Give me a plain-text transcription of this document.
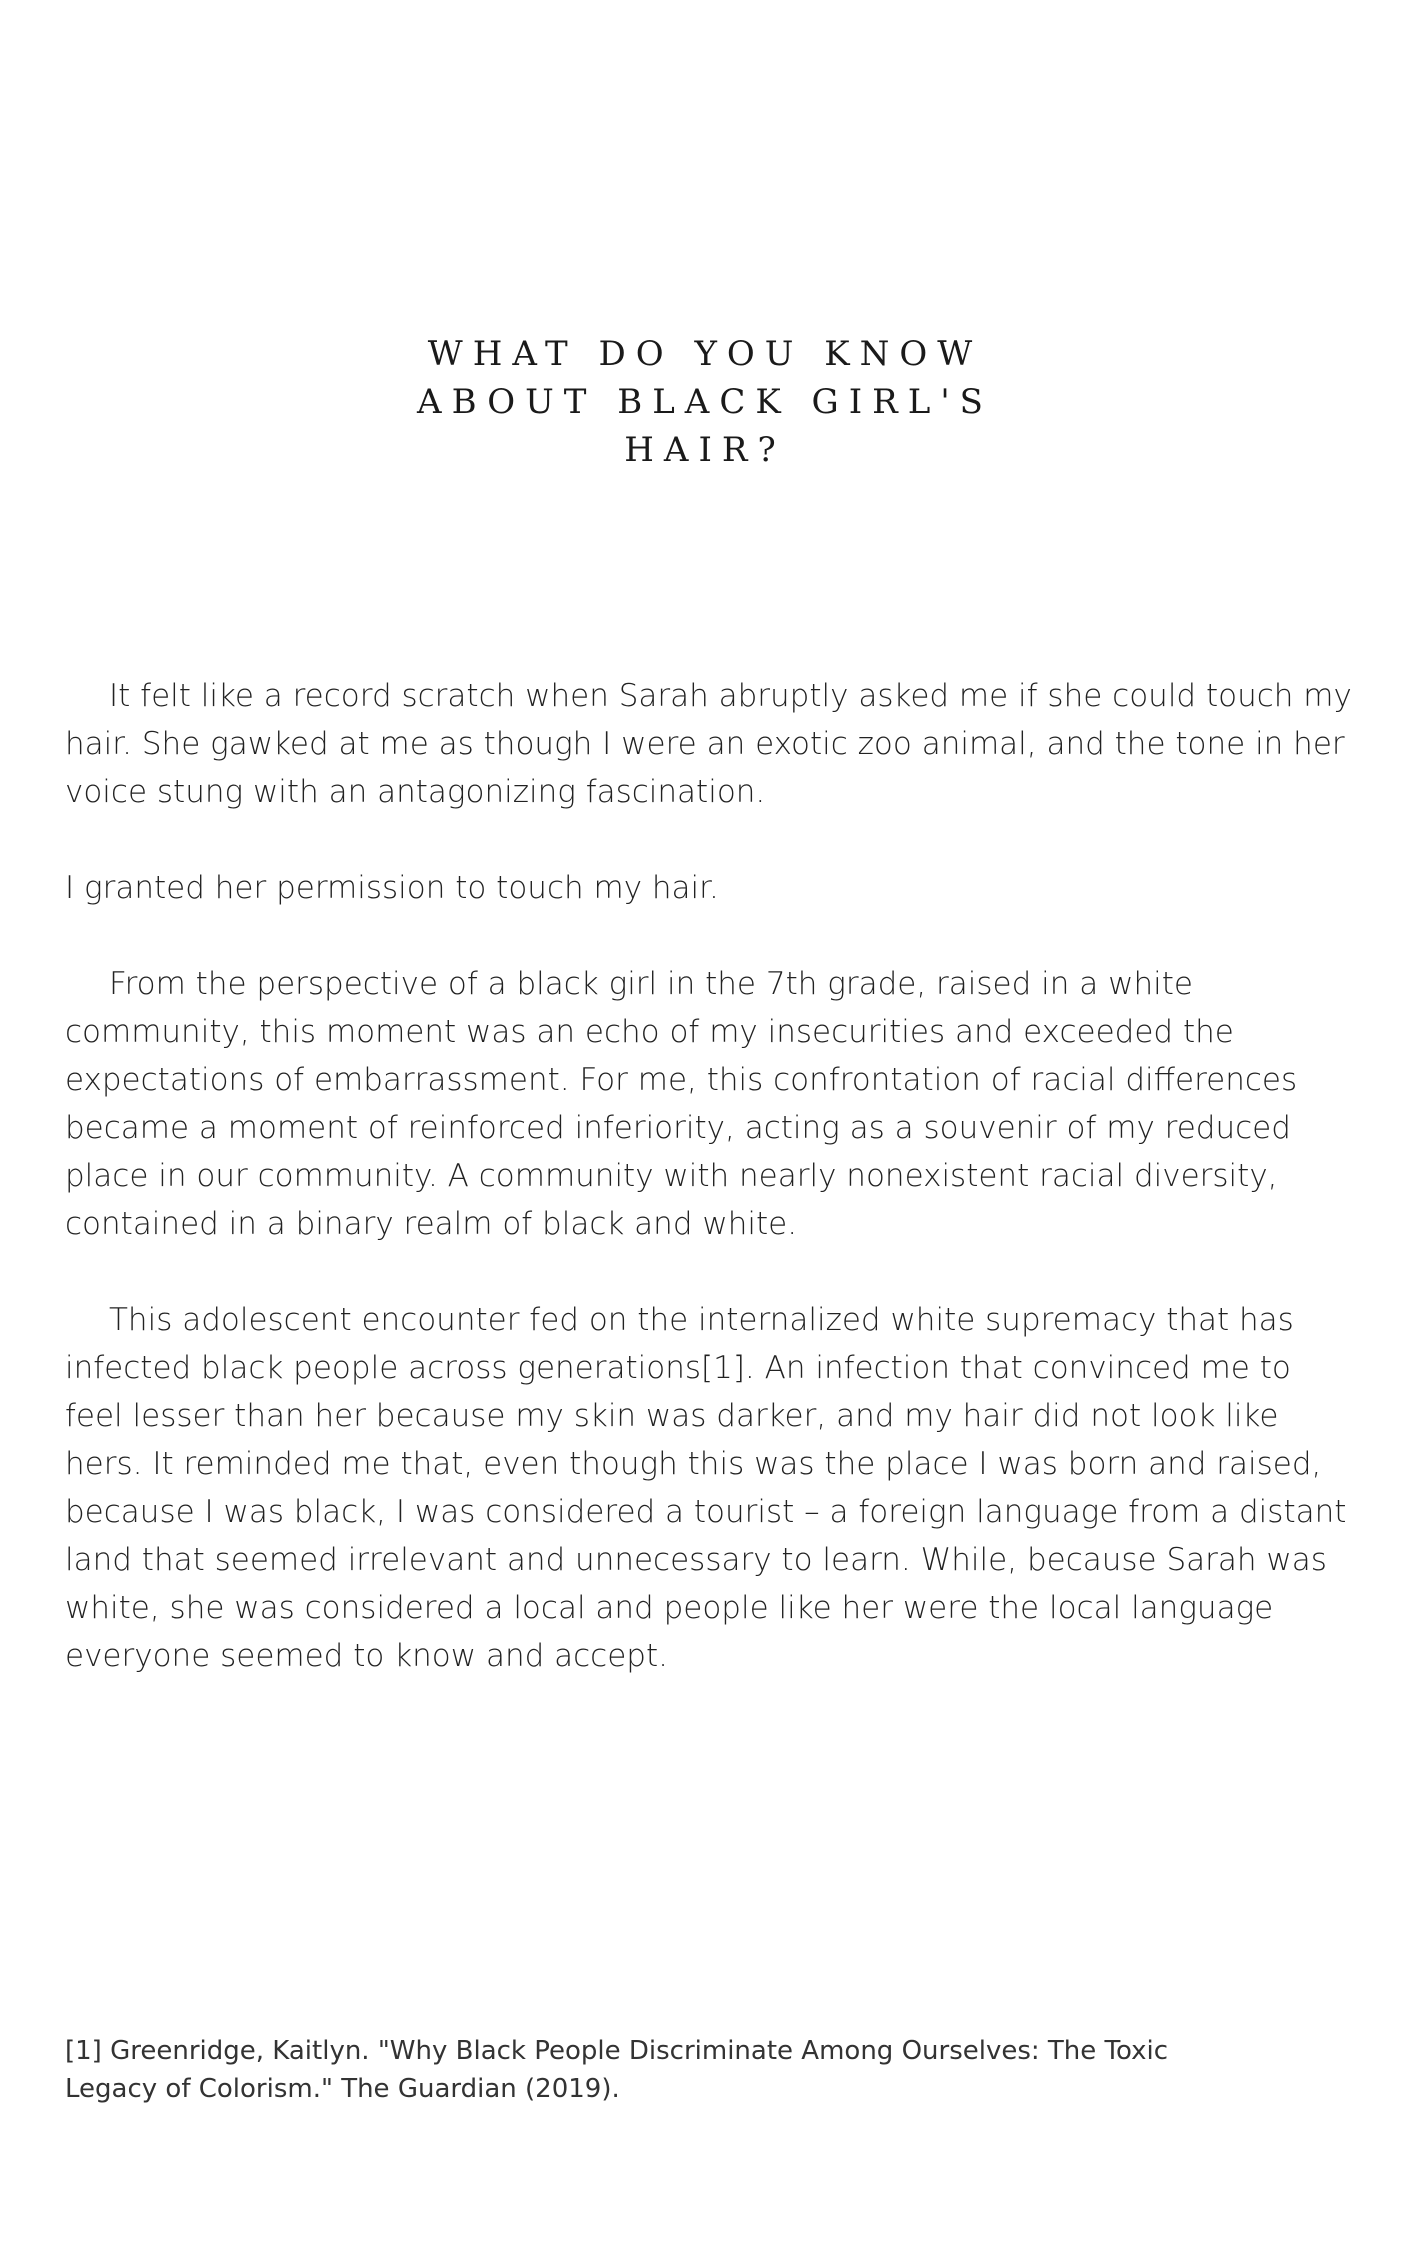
WHAT DO YOU KNOW
ABOUT BLACK GIRL'S
HAIR?

It felt like a record scratch when Sarah abruptly asked me if she could touch my hair. She gawked at me as though I were an exotic zoo animal, and the tone in her voice stung with an antagonizing fascination.

I granted her permission to touch my hair.

From the perspective of a black girl in the 7th grade, raised in a white community, this moment was an echo of my insecurities and exceeded the expectations of embarrassment. For me, this confrontation of racial differences became a moment of reinforced inferiority, acting as a souvenir of my reduced place in our community. A community with nearly nonexistent racial diversity, contained in a binary realm of black and white.

This adolescent encounter fed on the internalized white supremacy that has infected black people across generations[1]. An infection that convinced me to feel lesser than her because my skin was darker, and my hair did not look like hers. It reminded me that, even though this was the place I was born and raised, because I was black, I was considered a tourist – a foreign language from a distant land that seemed irrelevant and unnecessary to learn. While, because Sarah was white, she was considered a local and people like her were the local language everyone seemed to know and accept.

[1] Greenridge, Kaitlyn. "Why Black People Discriminate Among Ourselves: The Toxic Legacy of Colorism." The Guardian (2019).
